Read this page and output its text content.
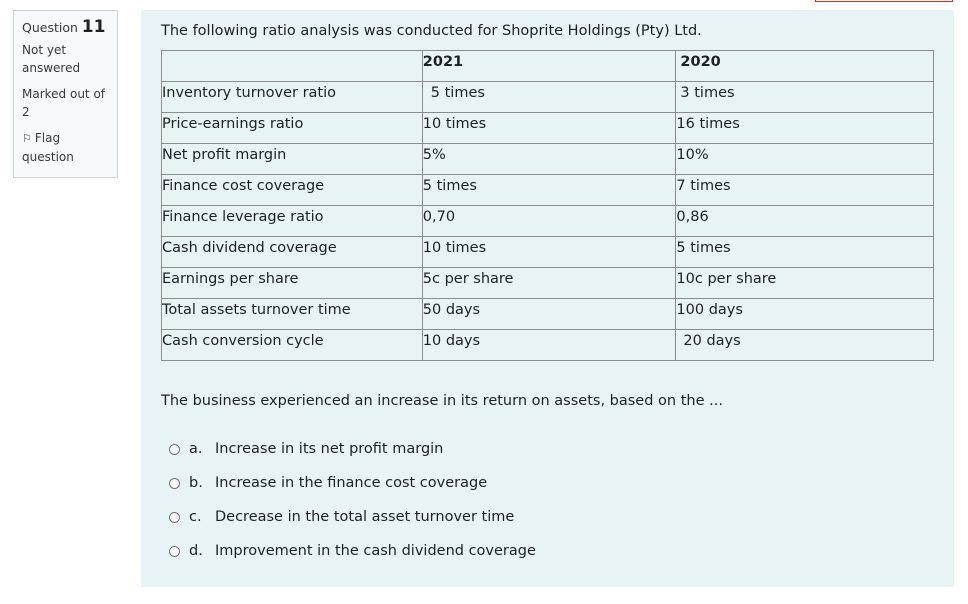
Question 11
Not yet answered
Marked out of 2
⚐ Flag question

The following ratio analysis was conducted for Shoprite Holdings (Pty) Ltd.

	2021	2020
Inventory turnover ratio	5 times	3 times
Price-earnings ratio	10 times	16 times
Net profit margin	5%	10%
Finance cost coverage	5 times	7 times
Finance leverage ratio	0,70	0,86
Cash dividend coverage	10 times	5 times
Earnings per share	5c per share	10c per share
Total assets turnover time	50 days	100 days
Cash conversion cycle	10 days	20 days

The business experienced an increase in its return on assets, based on the ...

a. Increase in its net profit margin
b. Increase in the finance cost coverage
c. Decrease in the total asset turnover time
d. Improvement in the cash dividend coverage
